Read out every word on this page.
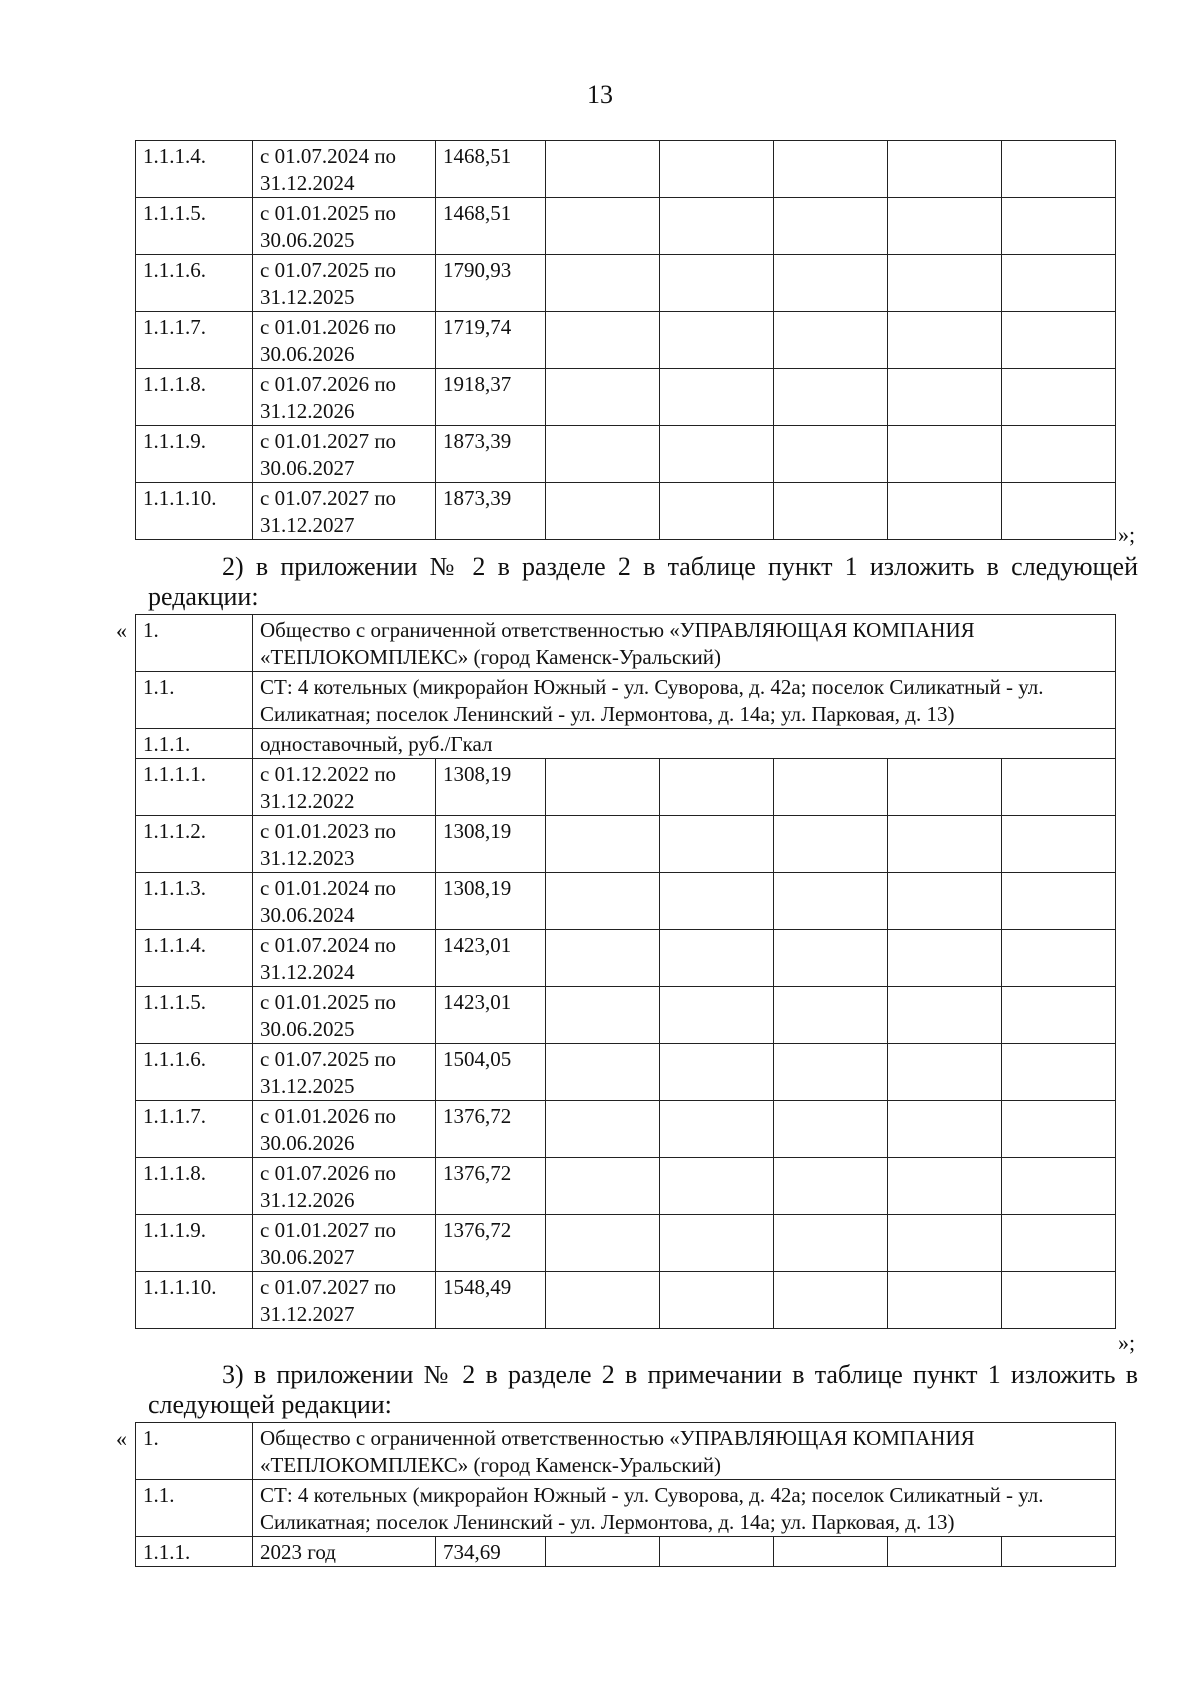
13
1.1.1.4.	с 01.07.2024 по 31.12.2024	1468,51					
1.1.1.5.	с 01.01.2025 по 30.06.2025	1468,51					
1.1.1.6.	с 01.07.2025 по 31.12.2025	1790,93					
1.1.1.7.	с 01.01.2026 по 30.06.2026	1719,74					
1.1.1.8.	с 01.07.2026 по 31.12.2026	1918,37					
1.1.1.9.	с 01.01.2027 по 30.06.2027	1873,39					
1.1.1.10.	с 01.07.2027 по 31.12.2027	1873,39					
»;
2) в приложении № 2 в разделе 2 в таблице пункт 1 изложить в следующей редакции:
« 1.	Общество с ограниченной ответственностью «УПРАВЛЯЮЩАЯ КОМПАНИЯ «ТЕПЛОКОМПЛЕКС» (город Каменск-Уральский)						
1.1.	СТ: 4 котельных (микрорайон Южный - ул. Суворова, д. 42а; поселок Силикатный - ул. Силикатная; поселок Ленинский - ул. Лермонтова, д. 14а; ул. Парковая, д. 13)						
1.1.1.	одноставочный, руб./Гкал						
1.1.1.1.	с 01.12.2022 по 31.12.2022	1308,19					
1.1.1.2.	с 01.01.2023 по 31.12.2023	1308,19					
1.1.1.3.	с 01.01.2024 по 30.06.2024	1308,19					
1.1.1.4.	с 01.07.2024 по 31.12.2024	1423,01					
1.1.1.5.	с 01.01.2025 по 30.06.2025	1423,01					
1.1.1.6.	с 01.07.2025 по 31.12.2025	1504,05					
1.1.1.7.	с 01.01.2026 по 30.06.2026	1376,72					
1.1.1.8.	с 01.07.2026 по 31.12.2026	1376,72					
1.1.1.9.	с 01.01.2027 по 30.06.2027	1376,72					
1.1.1.10.	с 01.07.2027 по 31.12.2027	1548,49					
»;
3) в приложении № 2 в разделе 2 в примечании в таблице пункт 1 изложить в следующей редакции:
« 1.	Общество с ограниченной ответственностью «УПРАВЛЯЮЩАЯ КОМПАНИЯ «ТЕПЛОКОМПЛЕКС» (город Каменск-Уральский)						
1.1.	СТ: 4 котельных (микрорайон Южный - ул. Суворова, д. 42а; поселок Силикатный - ул. Силикатная; поселок Ленинский - ул. Лермонтова, д. 14а; ул. Парковая, д. 13)						
1.1.1.	2023 год	734,69					
